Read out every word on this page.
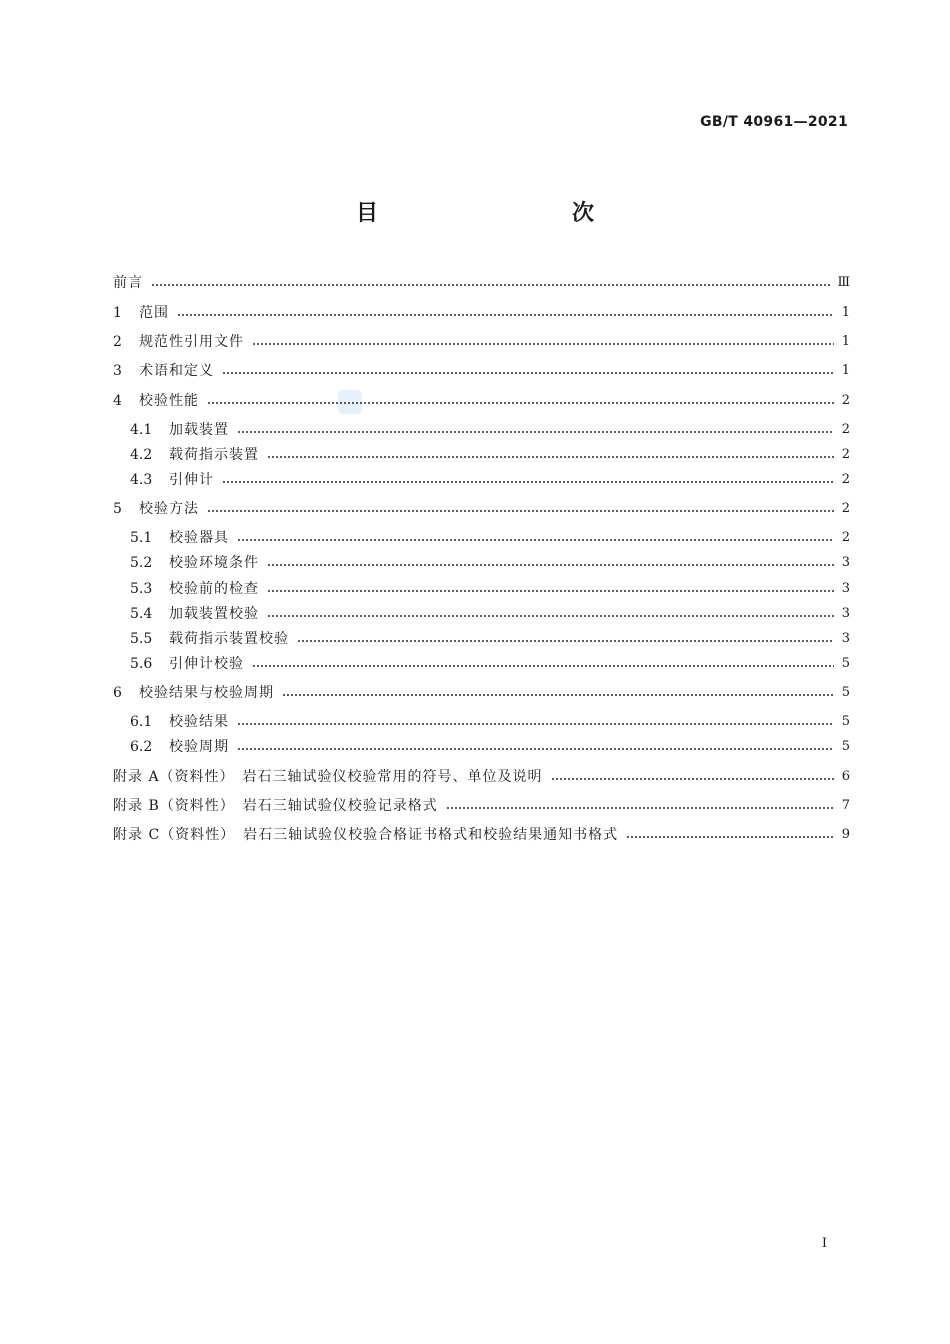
GB/T 40961—2021
目　　次
前言	Ⅲ
1	范围	1
2	规范性引用文件	1
3	术语和定义	1
4	校验性能	2
4.1	加载装置	2
4.2	载荷指示装置	2
4.3	引伸计	2
5	校验方法	2
5.1	校验器具	2
5.2	校验环境条件	3
5.3	校验前的检查	3
5.4	加载装置校验	3
5.5	载荷指示装置校验	3
5.6	引伸计校验	5
6	校验结果与校验周期	5
6.1	校验结果	5
6.2	校验周期	5
附录 A（资料性）　岩石三轴试验仪校验常用的符号、单位及说明	6
附录 B（资料性）　岩石三轴试验仪校验记录格式	7
附录 C（资料性）　岩石三轴试验仪校验合格证书格式和校验结果通知书格式	9
Ⅰ
